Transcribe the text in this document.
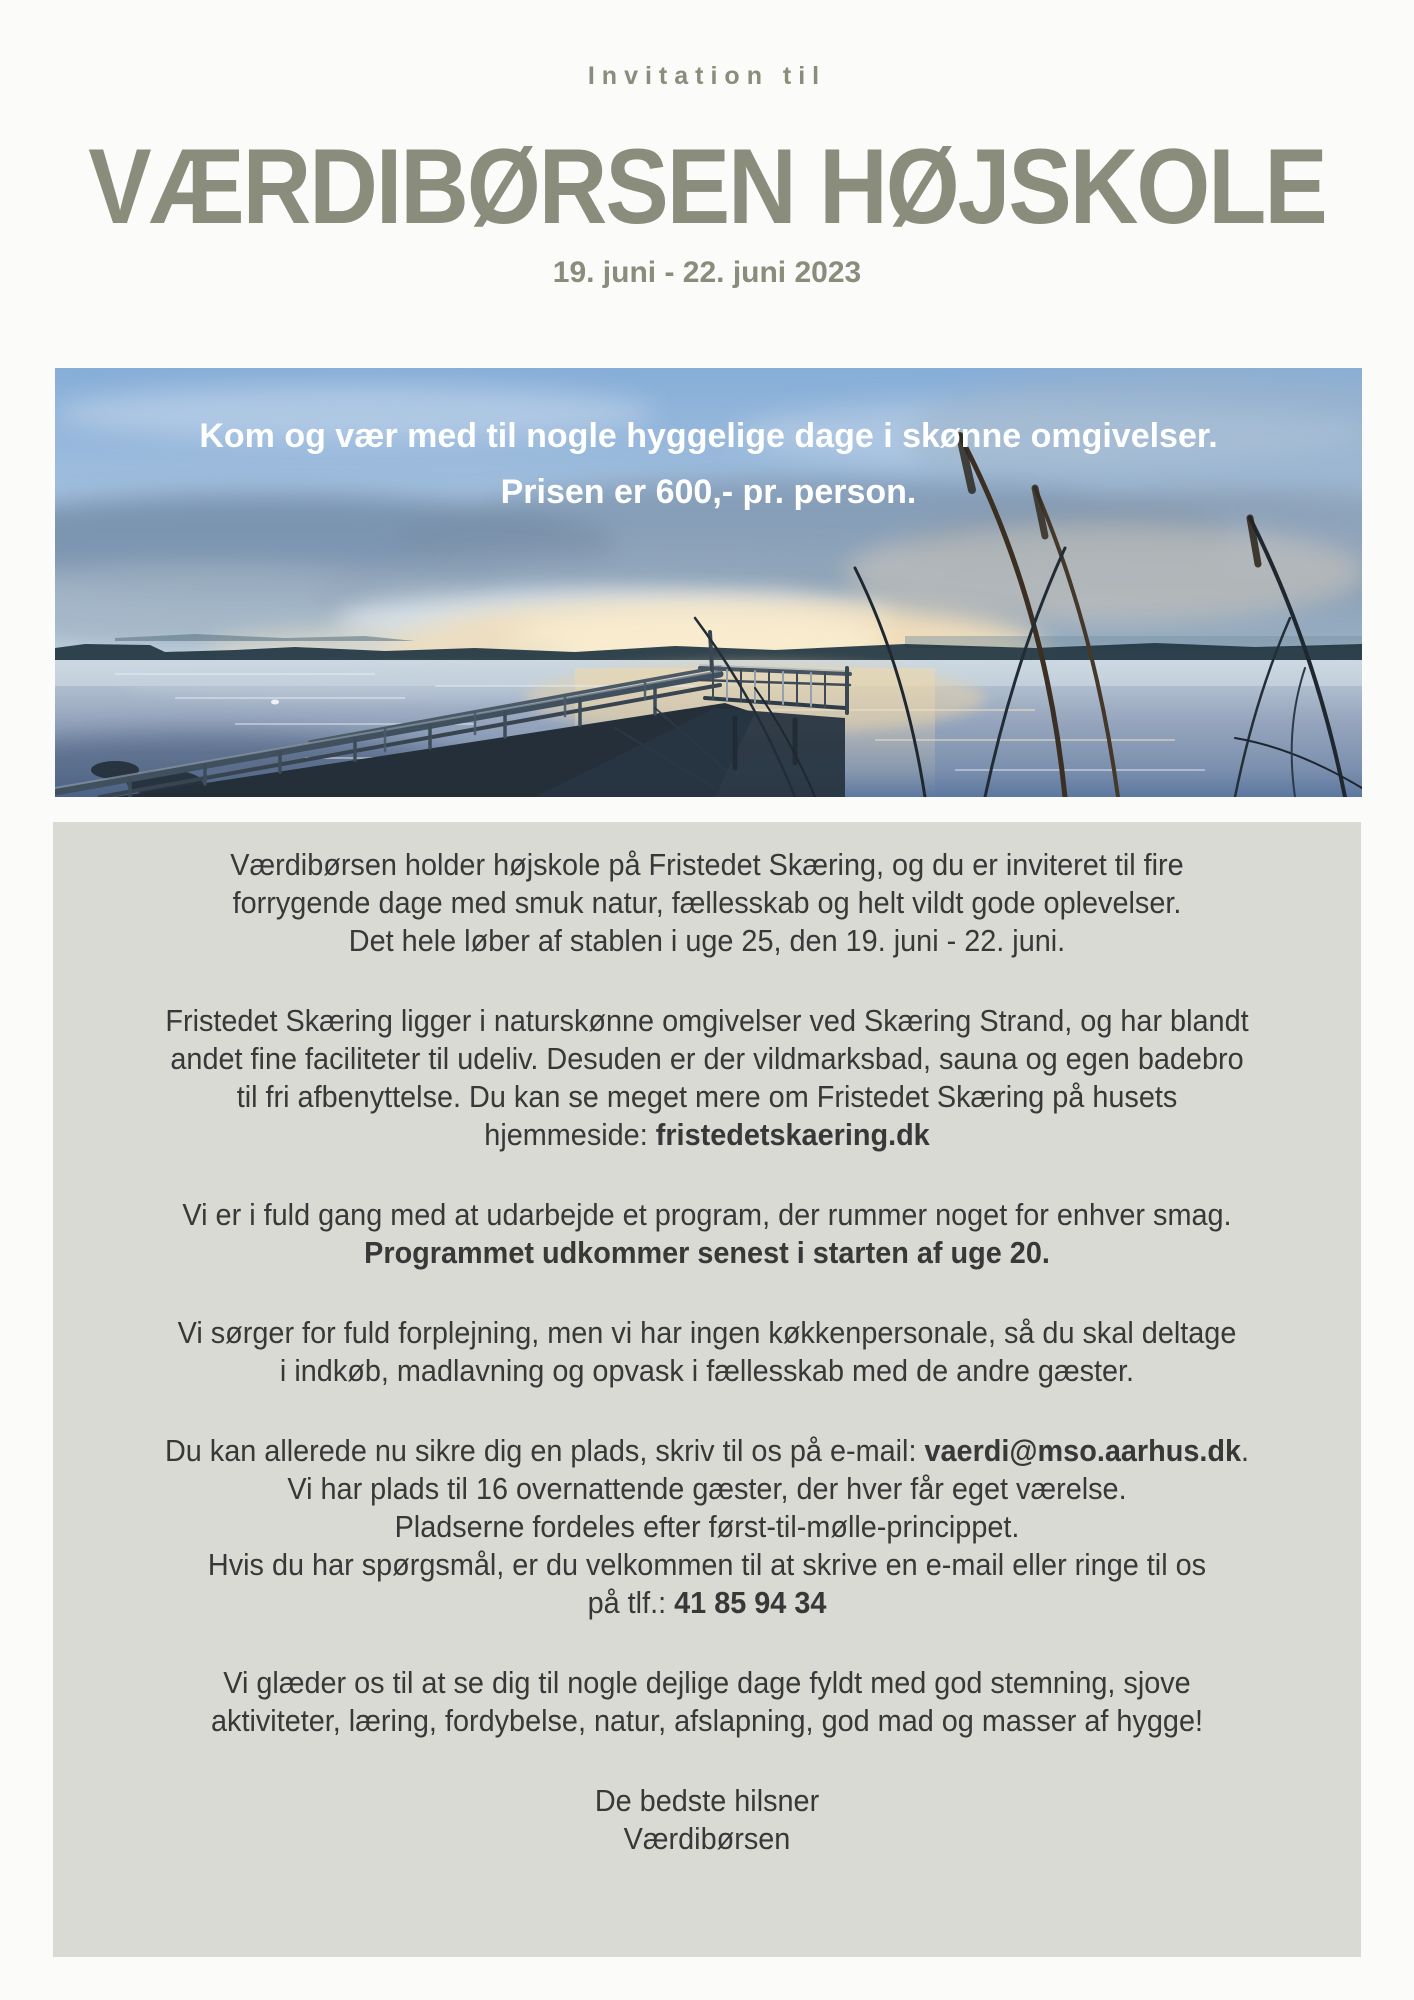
Invitation til
VÆRDIBØRSEN HØJSKOLE
19. juni - 22. juni 2023
Kom og vær med til nogle hyggelige dage i skønne omgivelser.
Prisen er 600,- pr. person.
Værdibørsen holder højskole på Fristedet Skæring, og du er inviteret til fire
forrygende dage med smuk natur, fællesskab og helt vildt gode oplevelser.
Det hele løber af stablen i uge 25, den 19. juni - 22. juni.
Fristedet Skæring ligger i naturskønne omgivelser ved Skæring Strand, og har blandt
andet fine faciliteter til udeliv. Desuden er der vildmarksbad, sauna og egen badebro
til fri afbenyttelse. Du kan se meget mere om Fristedet Skæring på husets
hjemmeside: fristedetskaering.dk
Vi er i fuld gang med at udarbejde et program, der rummer noget for enhver smag.
Programmet udkommer senest i starten af uge 20.
Vi sørger for fuld forplejning, men vi har ingen køkkenpersonale, så du skal deltage
i indkøb, madlavning og opvask i fællesskab med de andre gæster.
Du kan allerede nu sikre dig en plads, skriv til os på e-mail: vaerdi@mso.aarhus.dk.
Vi har plads til 16 overnattende gæster, der hver får eget værelse.
Pladserne fordeles efter først-til-mølle-princippet.
Hvis du har spørgsmål, er du velkommen til at skrive en e-mail eller ringe til os
på tlf.: 41 85 94 34
Vi glæder os til at se dig til nogle dejlige dage fyldt med god stemning, sjove
aktiviteter, læring, fordybelse, natur, afslapning, god mad og masser af hygge!
De bedste hilsner
Værdibørsen
